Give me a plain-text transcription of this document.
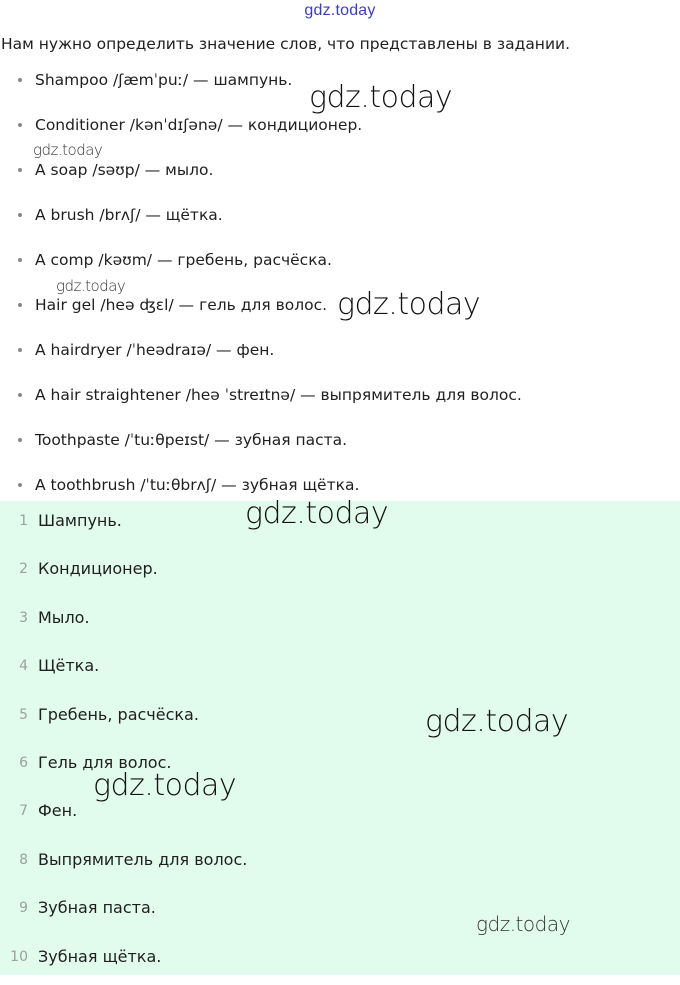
gdz.today
Нам нужно определить значение слов, что представлены в задании.
Shampoo /ʃæmˈpuː/ — шампунь.
Conditioner /kənˈdɪʃənə/ — кондиционер.
A soap /səʊp/ — мыло.
A brush /brʌʃ/ — щётка.
A comp /kəʊm/ — гребень, расчёска.
Hair gel /heə ʤɛl/ — гель для волос.
A hairdryer /ˈheədraɪə/ — фен.
A hair straightener /heə ˈstreɪtnə/ — выпрямитель для волос.
Toothpaste /ˈtuːθpeɪst/ — зубная паста.
A toothbrush /ˈtuːθbrʌʃ/ — зубная щётка.
1 Шампунь.
2 Кондиционер.
3 Мыло.
4 Щётка.
5 Гребень, расчёска.
6 Гель для волос.
7 Фен.
8 Выпрямитель для волос.
9 Зубная паста.
10 Зубная щётка.
gdz.today
gdz.today
gdz.today
gdz.today
gdz.today
gdz.today
gdz.today
gdz.today
